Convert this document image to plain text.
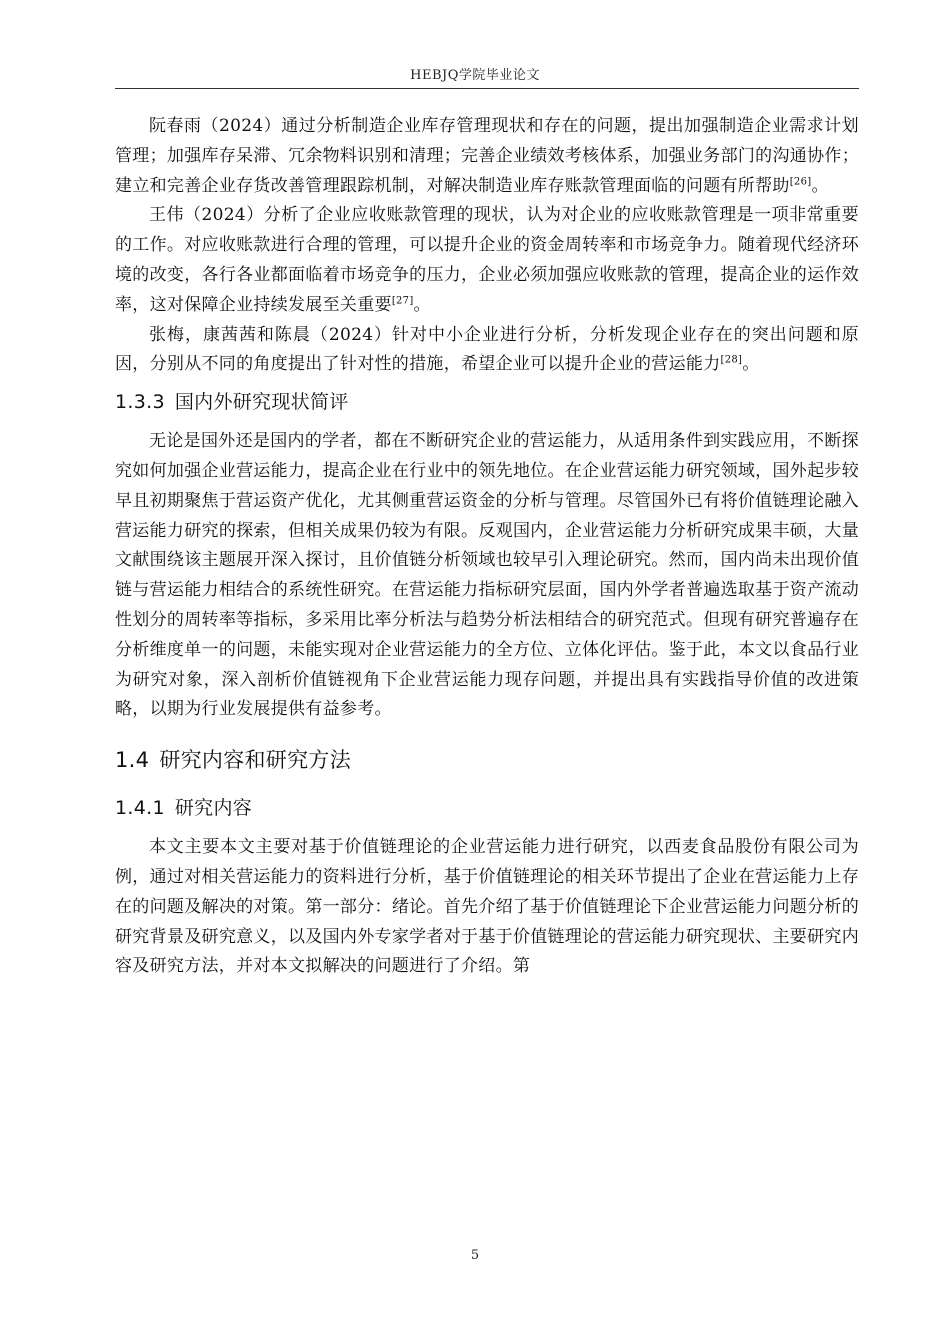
HEBJQ学院毕业论文

阮春雨（2024）通过分析制造企业库存管理现状和存在的问题，提出加强制造企业需求计划管理；加强库存呆滞、冗余物料识别和清理；完善企业绩效考核体系，加强业务部门的沟通协作；建立和完善企业存货改善管理跟踪机制，对解决制造业库存账款管理面临的问题有所帮助[26]。

王伟（2024）分析了企业应收账款管理的现状，认为对企业的应收账款管理是一项非常重要的工作。对应收账款进行合理的管理，可以提升企业的资金周转率和市场竞争力。随着现代经济环境的改变，各行各业都面临着市场竞争的压力，企业必须加强应收账款的管理，提高企业的运作效率，这对保障企业持续发展至关重要[27]。

张梅，康茜茜和陈晨（2024）针对中小企业进行分析，分析发现企业存在的突出问题和原因，分别从不同的角度提出了针对性的措施，希望企业可以提升企业的营运能力[28]。

1.3.3 国内外研究现状简评

无论是国外还是国内的学者，都在不断研究企业的营运能力，从适用条件到实践应用，不断探究如何加强企业营运能力，提高企业在行业中的领先地位。在企业营运能力研究领域，国外起步较早且初期聚焦于营运资产优化，尤其侧重营运资金的分析与管理。尽管国外已有将价值链理论融入营运能力研究的探索，但相关成果仍较为有限。反观国内，企业营运能力分析研究成果丰硕，大量文献围绕该主题展开深入探讨，且价值链分析领域也较早引入理论研究。然而，国内尚未出现价值链与营运能力相结合的系统性研究。在营运能力指标研究层面，国内外学者普遍选取基于资产流动性划分的周转率等指标，多采用比率分析法与趋势分析法相结合的研究范式。但现有研究普遍存在分析维度单一的问题，未能实现对企业营运能力的全方位、立体化评估。鉴于此，本文以食品行业为研究对象，深入剖析价值链视角下企业营运能力现存问题，并提出具有实践指导价值的改进策略，以期为行业发展提供有益参考。

1.4 研究内容和研究方法
1.4.1 研究内容

本文主要本文主要对基于价值链理论的企业营运能力进行研究，以西麦食品股份有限公司为例，通过对相关营运能力的资料进行分析，基于价值链理论的相关环节提出了企业在营运能力上存在的问题及解决的对策。第一部分：绪论。首先介绍了基于价值链理论下企业营运能力问题分析的研究背景及研究意义，以及国内外专家学者对于基于价值链理论的营运能力研究现状、主要研究内容及研究方法，并对本文拟解决的问题进行了介绍。第

5
